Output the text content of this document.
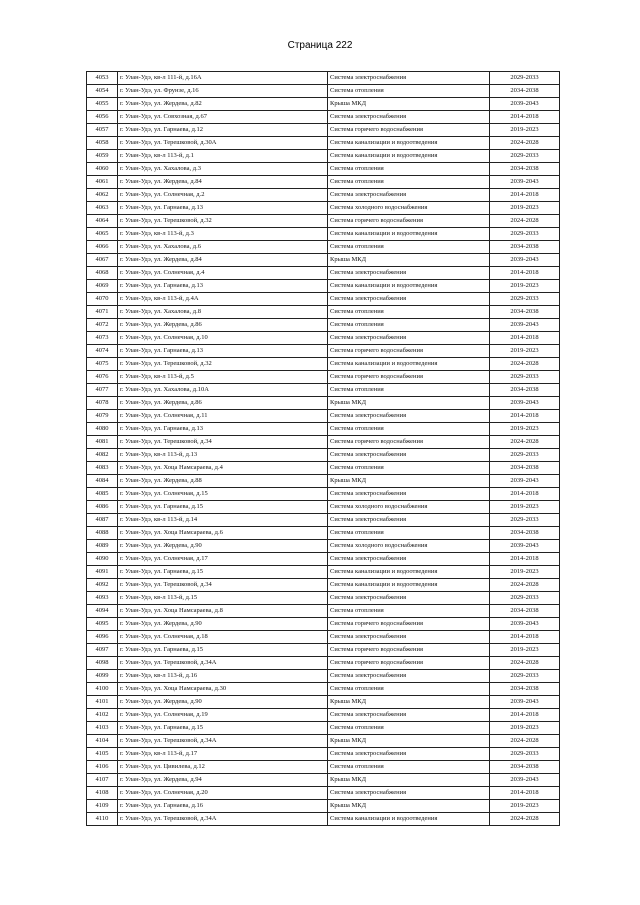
Страница 222
4053	г. Улан-Удэ, кв-л 111-й, д.16А	Система электроснабжения	2029-2033
4054	г. Улан-Удэ, ул. Фрунзе, д.16	Система отопления	2034-2038
4055	г. Улан-Удэ, ул. Жердева, д.82	Крыша МКД	2039-2043
4056	г. Улан-Удэ, ул. Совхозная, д.67	Система электроснабжения	2014-2018
4057	г. Улан-Удэ, ул. Гарнаева, д.12	Система горячего водоснабжения	2019-2023
4058	г. Улан-Удэ, ул. Терешковой, д.30А	Система канализации и водоотведения	2024-2028
4059	г. Улан-Удэ, кв-л 113-й, д.1	Система канализации и водоотведения	2029-2033
4060	г. Улан-Удэ, ул. Хахалова, д.3	Система отопления	2034-2038
4061	г. Улан-Удэ, ул. Жердева, д.84	Система отопления	2039-2043
4062	г. Улан-Удэ, ул. Солнечная, д.2	Система электроснабжения	2014-2018
4063	г. Улан-Удэ, ул. Гарнаева, д.13	Система холодного водоснабжения	2019-2023
4064	г. Улан-Удэ, ул. Терешковой, д.32	Система горячего водоснабжения	2024-2028
4065	г. Улан-Удэ, кв-л 113-й, д.3	Система канализации и водоотведения	2029-2033
4066	г. Улан-Удэ, ул. Хахалова, д.6	Система отопления	2034-2038
4067	г. Улан-Удэ, ул. Жердева, д.84	Крыша МКД	2039-2043
4068	г. Улан-Удэ, ул. Солнечная, д.4	Система электроснабжения	2014-2018
4069	г. Улан-Удэ, ул. Гарнаева, д.13	Система канализации и водоотведения	2019-2023
4070	г. Улан-Удэ, кв-л 113-й, д.4А	Система электроснабжения	2029-2033
4071	г. Улан-Удэ, ул. Хахалова, д.8	Система отопления	2034-2038
4072	г. Улан-Удэ, ул. Жердева, д.86	Система отопления	2039-2043
4073	г. Улан-Удэ, ул. Солнечная, д.10	Система электроснабжения	2014-2018
4074	г. Улан-Удэ, ул. Гарнаева, д.13	Система горячего водоснабжения	2019-2023
4075	г. Улан-Удэ, ул. Терешковой, д.32	Система канализации и водоотведения	2024-2028
4076	г. Улан-Удэ, кв-л 113-й, д.5	Система горячего водоснабжения	2029-2033
4077	г. Улан-Удэ, ул. Хахалова, д.10А	Система отопления	2034-2038
4078	г. Улан-Удэ, ул. Жердева, д.86	Крыша МКД	2039-2043
4079	г. Улан-Удэ, ул. Солнечная, д.11	Система электроснабжения	2014-2018
4080	г. Улан-Удэ, ул. Гарнаева, д.13	Система отопления	2019-2023
4081	г. Улан-Удэ, ул. Терешковой, д.34	Система горячего водоснабжения	2024-2028
4082	г. Улан-Удэ, кв-л 113-й, д.13	Система электроснабжения	2029-2033
4083	г. Улан-Удэ, ул. Хоца Намсараева, д.4	Система отопления	2034-2038
4084	г. Улан-Удэ, ул. Жердева, д.88	Крыша МКД	2039-2043
4085	г. Улан-Удэ, ул. Солнечная, д.15	Система электроснабжения	2014-2018
4086	г. Улан-Удэ, ул. Гарнаева, д.15	Система холодного водоснабжения	2019-2023
4087	г. Улан-Удэ, кв-л 113-й, д.14	Система электроснабжения	2029-2033
4088	г. Улан-Удэ, ул. Хоца Намсараева, д.6	Система отопления	2034-2038
4089	г. Улан-Удэ, ул. Жердева, д.90	Система холодного водоснабжения	2039-2043
4090	г. Улан-Удэ, ул. Солнечная, д.17	Система электроснабжения	2014-2018
4091	г. Улан-Удэ, ул. Гарнаева, д.15	Система канализации и водоотведения	2019-2023
4092	г. Улан-Удэ, ул. Терешковой, д.34	Система канализации и водоотведения	2024-2028
4093	г. Улан-Удэ, кв-л 113-й, д.15	Система электроснабжения	2029-2033
4094	г. Улан-Удэ, ул. Хоца Намсараева, д.8	Система отопления	2034-2038
4095	г. Улан-Удэ, ул. Жердева, д.90	Система горячего водоснабжения	2039-2043
4096	г. Улан-Удэ, ул. Солнечная, д.18	Система электроснабжения	2014-2018
4097	г. Улан-Удэ, ул. Гарнаева, д.15	Система горячего водоснабжения	2019-2023
4098	г. Улан-Удэ, ул. Терешковой, д.34А	Система горячего водоснабжения	2024-2028
4099	г. Улан-Удэ, кв-л 113-й, д.16	Система электроснабжения	2029-2033
4100	г. Улан-Удэ, ул. Хоца Намсараева, д.30	Система отопления	2034-2038
4101	г. Улан-Удэ, ул. Жердева, д.90	Крыша МКД	2039-2043
4102	г. Улан-Удэ, ул. Солнечная, д.19	Система электроснабжения	2014-2018
4103	г. Улан-Удэ, ул. Гарнаева, д.15	Система отопления	2019-2023
4104	г. Улан-Удэ, ул. Терешковой, д.34А	Крыша МКД	2024-2028
4105	г. Улан-Удэ, кв-л 113-й, д.17	Система электроснабжения	2029-2033
4106	г. Улан-Удэ, ул. Цивилева, д.12	Система отопления	2034-2038
4107	г. Улан-Удэ, ул. Жердева, д.94	Крыша МКД	2039-2043
4108	г. Улан-Удэ, ул. Солнечная, д.20	Система электроснабжения	2014-2018
4109	г. Улан-Удэ, ул. Гарнаева, д.16	Крыша МКД	2019-2023
4110	г. Улан-Удэ, ул. Терешковой, д.34А	Система канализации и водоотведения	2024-2028
